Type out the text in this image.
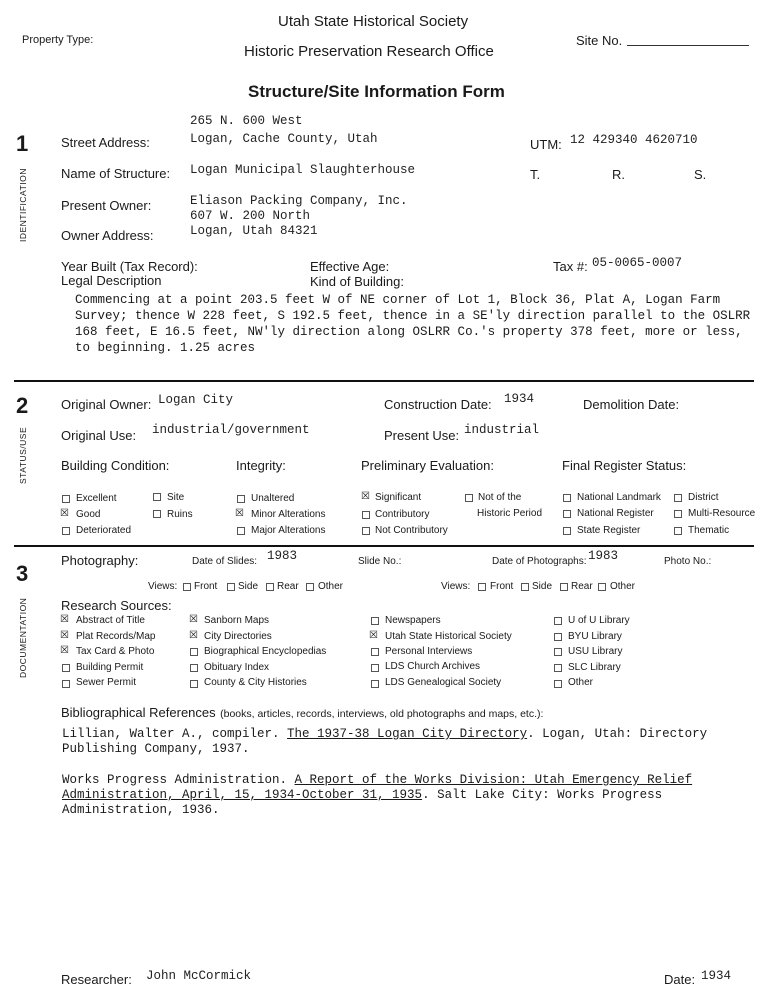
Utah State Historical Society
Property Type:
Historic Preservation Research Office
Site No.
Structure/Site Information Form
1
IDENTIFICATION
265 N. 600 West
Street Address:	Logan, Cache County, Utah	UTM: 12 429340 4620710
Name of Structure: Logan Municipal Slaughterhouse	T.	R.	S.
Present Owner:	Eliason Packing Company, Inc.
607 W. 200 North
Owner Address:	Logan, Utah 84321
Year Built (Tax Record):	Effective Age:	Tax #: 05-0065-0007
Legal Description	Kind of Building:
Commencing at a point 203.5 feet W of NE corner of Lot 1, Block 36, Plat A, Logan Farm Survey; thence W 228 feet, S 192.5 feet, thence in a SE'ly direction parallel to the OSLRR 168 feet, E 16.5 feet, NW'ly direction along OSLRR Co.'s property 378 feet, more or less, to beginning. 1.25 acres
2
STATUS/USE
Original Owner: Logan City	Construction Date: 1934	Demolition Date:
Original Use: industrial/government	Present Use: industrial
Building Condition:	Integrity:	Preliminary Evaluation:	Final Register Status:
Excellent	Site
☒ Good	Ruins
Deteriorated
Unaltered
☒ Minor Alterations
Major Alterations
☒ Significant
Contributory
Not Contributory
Not of the
Historic Period
National Landmark
National Register
State Register
District
Multi-Resource
Thematic
3
DOCUMENTATION
Photography:	Date of Slides: 1983	Slide No.:	Date of Photographs: 1983	Photo No.:
Views: Front Side Rear Other	Views: Front Side Rear Other
Research Sources:
☒ Abstract of Title
☒ Plat Records/Map
☒ Tax Card & Photo
Building Permit
Sewer Permit
☒ Sanborn Maps
☒ City Directories
Biographical Encyclopedias
Obituary Index
County & City Histories
Newspapers
☒ Utah State Historical Society
Personal Interviews
LDS Church Archives
LDS Genealogical Society
U of U Library
BYU Library
USU Library
SLC Library
Other
Bibliographical References (books, articles, records, interviews, old photographs and maps, etc.):
Lillian, Walter A., compiler. The 1937-38 Logan City Directory. Logan, Utah: Directory Publishing Company, 1937.
Works Progress Administration. A Report of the Works Division: Utah Emergency Relief Administration, April, 15, 1934-October 31, 1935. Salt Lake City: Works Progress Administration, 1936.
Researcher: John McCormick	Date: 1934
